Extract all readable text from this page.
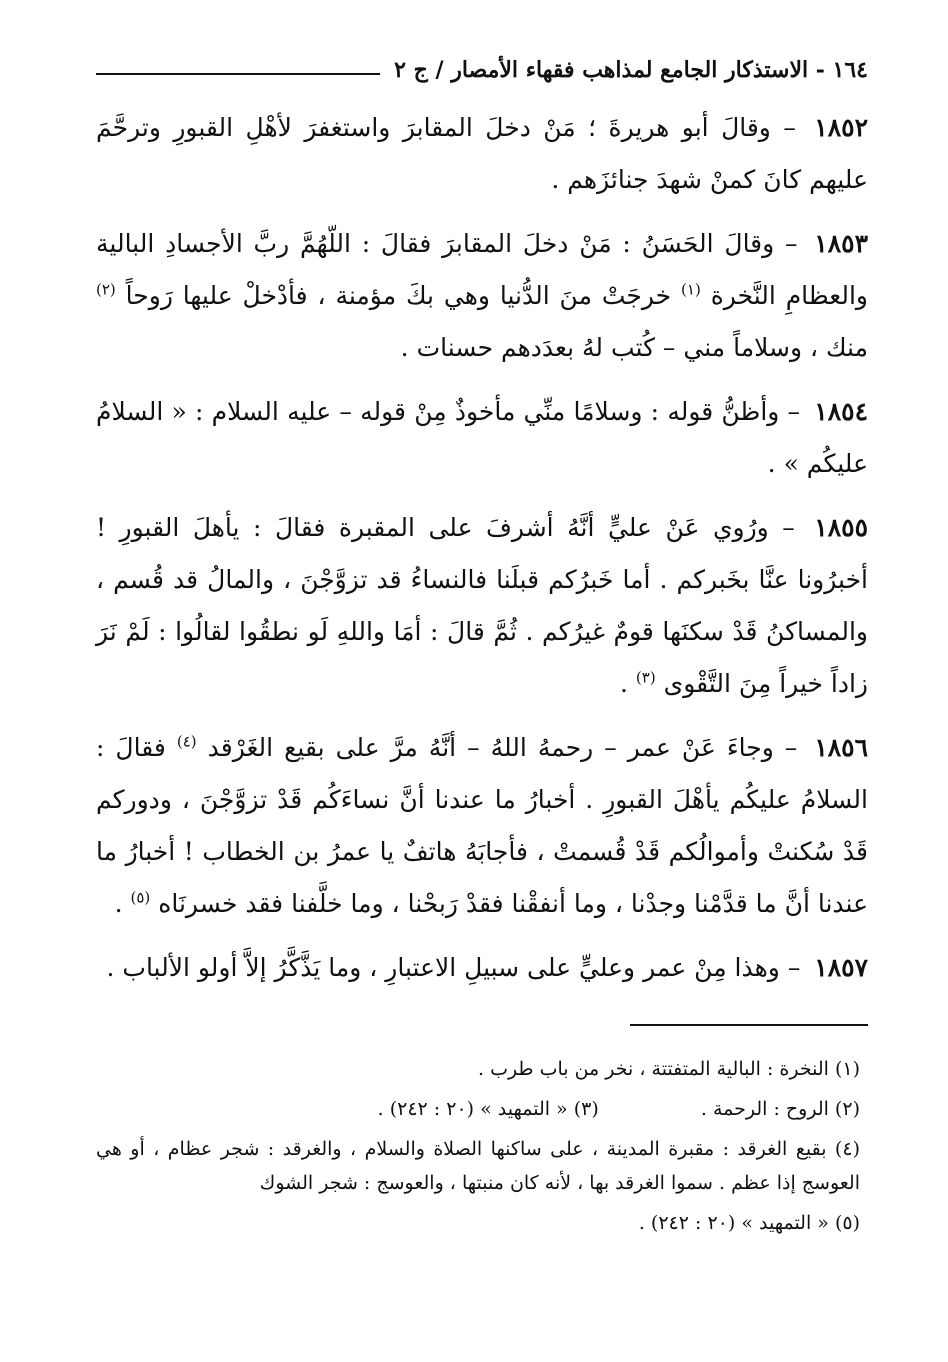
١٦٤ - الاستذكار الجامع لمذاهب فقهاء الأمصار / ج ٢

١٨٥٢ – وقالَ أبو هريرةَ ؛ مَنْ دخلَ المقابرَ واستغفرَ لأهْلِ القبورِ وترحَّمَ عليهم كانَ كمنْ شهدَ جنائزَهم .

١٨٥٣ – وقالَ الحَسَنُ : مَنْ دخلَ المقابرَ فقالَ : اللّهُمَّ ربَّ الأجسادِ البالية والعظامِ النَّخرة $^{(١)}$ خرجَتْ منَ الدُّنيا وهي بكَ مؤمنة ، فأدْخلْ عليها رَوحاً $^{(٢)}$ منك ، وسلاماً مني – كُتب لهُ بعدَدهم حسنات .

١٨٥٤ – وأظنُّ قوله : وسلامًا منِّي مأخوذٌ مِنْ قوله – عليه السلام : « السلامُ عليكُم » .

١٨٥٥ – ورُوي عَنْ عليٍّ أنَّهُ أشرفَ على المقبرة فقالَ : يأهلَ القبورِ ! أخبرُونا عنَّا بخَبركم . أما خَبرُكم قبلَنا فالنساءُ قد تزوَّجْنَ ، والمالُ قد قُسم ، والمساكنُ قَدْ سكنَها قومٌ غيرُكم . ثُمَّ قالَ : أمَا واللهِ لَو نطقُوا لقالُوا : لَمْ نَرَ زاداً خيراً مِنَ التَّقْوى $^{(٣)}$ .

١٨٥٦ – وجاءَ عَنْ عمر – رحمهُ اللهُ – أنَّهُ مرَّ على بقيع الغَرْقد $^{(٤)}$ فقالَ : السلامُ عليكُم يأهْلَ القبورِ . أخبارُ ما عندنا أنَّ نساءَكُم قَدْ تزوَّجْنَ ، ودوركم قَدْ سُكنتْ وأموالُكم قَدْ قُسمتْ ، فأجابَهُ هاتفٌ يا عمرُ بن الخطاب ! أخبارُ ما عندنا أنَّ ما قدَّمْنا وجدْنا ، وما أنفقْنا فقدْ رَبحْنا ، وما خلَّفنا فقد خسرنَاه $^{(٥)}$ .

١٨٥٧ – وهذا مِنْ عمر وعليٍّ على سبيلِ الاعتبارِ ، وما يَذَّكَّرُ إلاَّ أولو الألباب .

(١) النخرة : البالية المتفتتة ، نخر من باب طرب .

(٢) الروح : الرحمة .  (٣) « التمهيد » (٢٠ : ٢٤٢) .

(٤) بقيع الغرقد : مقبرة المدينة ، على ساكنها الصلاة والسلام ، والغرقد : شجر عظام ، أو هي العوسج إذا عظم . سموا الغرقد بها ، لأنه كان منبتها ، والعوسج : شجر الشوك

(٥) « التمهيد » (٢٠ : ٢٤٢) .
